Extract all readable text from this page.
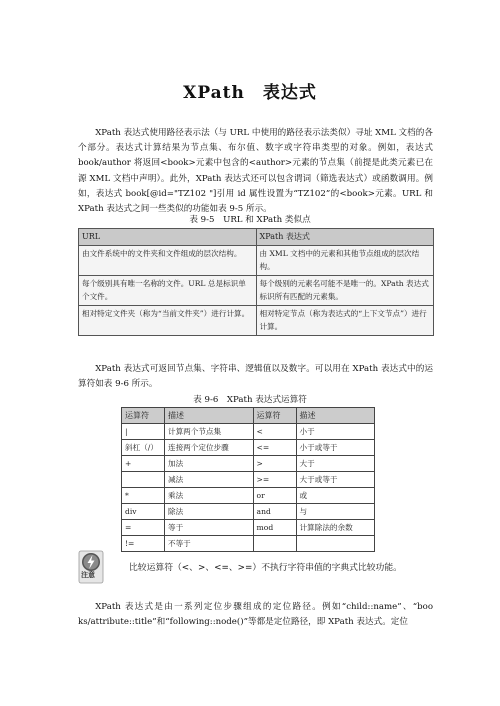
XPath　表达式

XPath 表达式使用路径表示法（与 URL 中使用的路径表示法类似）寻址 XML 文档的各个部分。表达式计算结果为节点集、布尔值、数字或字符串类型的对象。例如，表达式 book/author 将返回<book>元素中包含的<author>元素的节点集（前提是此类元素已在源 XML 文档中声明）。此外，XPath 表达式还可以包含谓词（筛选表达式）或函数调用。例如，表达式 book[@id="TZ102 "]引用 id 属性设置为“TZ102”的<book>元素。URL 和 XPath 表达式之间一些类似的功能如表 9-5 所示。

表 9-5　URL 和 XPath 类似点
URL	XPath 表达式
由文件系统中的文件夹和文件组成的层次结构。	由 XML 文档中的元素和其他节点组成的层次结构。
每个级别具有唯一名称的文件。URL 总是标识单个文件。	每个级别的元素名可能不是唯一的。XPath 表达式标识所有匹配的元素集。
相对特定文件夹（称为“当前文件夹”）进行计算。	相对特定节点（称为表达式的“上下文节点”）进行计算。

XPath 表达式可返回节点集、字符串、逻辑值以及数字。可以用在 XPath 表达式中的运算符如表 9-6 所示。

表 9-6　XPath 表达式运算符
运算符	描述	运算符	描述
|	计算两个节点集	<	小于
斜杠（/）	连接两个定位步骤	<=	小于或等于
+	加法	>	大于
	减法	>=	大于或等于
*	乘法	or	或
div	除法	and	与
=	等于	mod	计算除法的余数
!=	不等于		
注意
比较运算符（<、>、<=、>=）不执行字符串值的字典式比较功能。

XPath 表达式是由一系列定位步骤组成的定位路径。例如“child::name”、“boo ks/attribute::title”和“following::node()”等都是定位路径，即 XPath 表达式。定位
